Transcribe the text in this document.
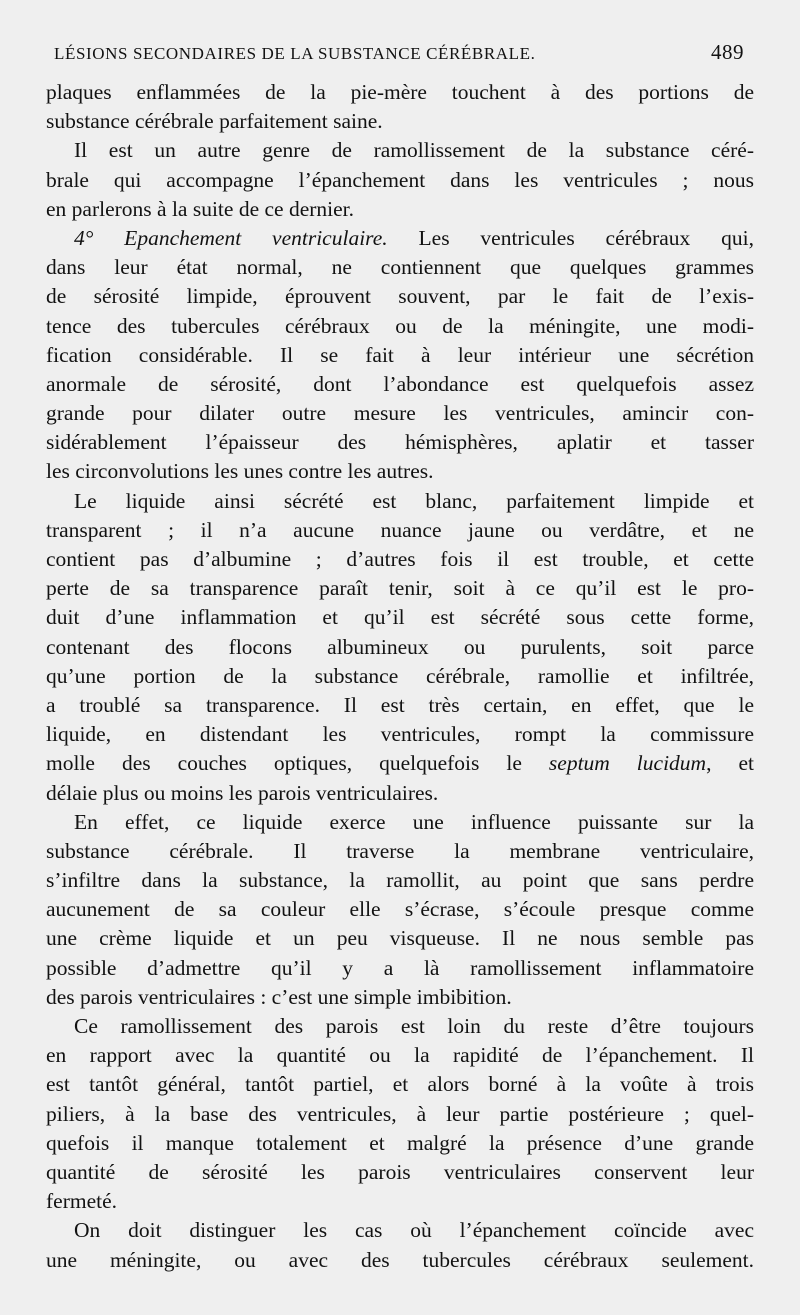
LÉSIONS SECONDAIRES DE LA SUBSTANCE CÉRÉBRALE.	489
plaques enflammées de la pie-mère touchent à des portions de
substance cérébrale parfaitement saine.
Il est un autre genre de ramollissement de la substance céré-
brale qui accompagne l’épanchement dans les ventricules ; nous
en parlerons à la suite de ce dernier.
4° Epanchement ventriculaire. Les ventricules cérébraux qui,
dans leur état normal, ne contiennent que quelques grammes
de sérosité limpide, éprouvent souvent, par le fait de l’exis-
tence des tubercules cérébraux ou de la méningite, une modi-
fication considérable. Il se fait à leur intérieur une sécrétion
anormale de sérosité, dont l’abondance est quelquefois assez
grande pour dilater outre mesure les ventricules, amincir con-
sidérablement l’épaisseur des hémisphères, aplatir et tasser
les circonvolutions les unes contre les autres.
Le liquide ainsi sécrété est blanc, parfaitement limpide et
transparent ; il n’a aucune nuance jaune ou verdâtre, et ne
contient pas d’albumine ; d’autres fois il est trouble, et cette
perte de sa transparence paraît tenir, soit à ce qu’il est le pro-
duit d’une inflammation et qu’il est sécrété sous cette forme,
contenant des flocons albumineux ou purulents, soit parce
qu’une portion de la substance cérébrale, ramollie et infiltrée,
a troublé sa transparence. Il est très certain, en effet, que le
liquide, en distendant les ventricules, rompt la commissure
molle des couches optiques, quelquefois le septum lucidum, et
délaie plus ou moins les parois ventriculaires.
En effet, ce liquide exerce une influence puissante sur la
substance cérébrale. Il traverse la membrane ventriculaire,
s’infiltre dans la substance, la ramollit, au point que sans perdre
aucunement de sa couleur elle s’écrase, s’écoule presque comme
une crème liquide et un peu visqueuse. Il ne nous semble pas
possible d’admettre qu’il y a là ramollissement inflammatoire
des parois ventriculaires : c’est une simple imbibition.
Ce ramollissement des parois est loin du reste d’être toujours
en rapport avec la quantité ou la rapidité de l’épanchement. Il
est tantôt général, tantôt partiel, et alors borné à la voûte à trois
piliers, à la base des ventricules, à leur partie postérieure ; quel-
quefois il manque totalement et malgré la présence d’une grande
quantité de sérosité les parois ventriculaires conservent leur
fermeté.
On doit distinguer les cas où l’épanchement coïncide avec
une méningite, ou avec des tubercules cérébraux seulement.
